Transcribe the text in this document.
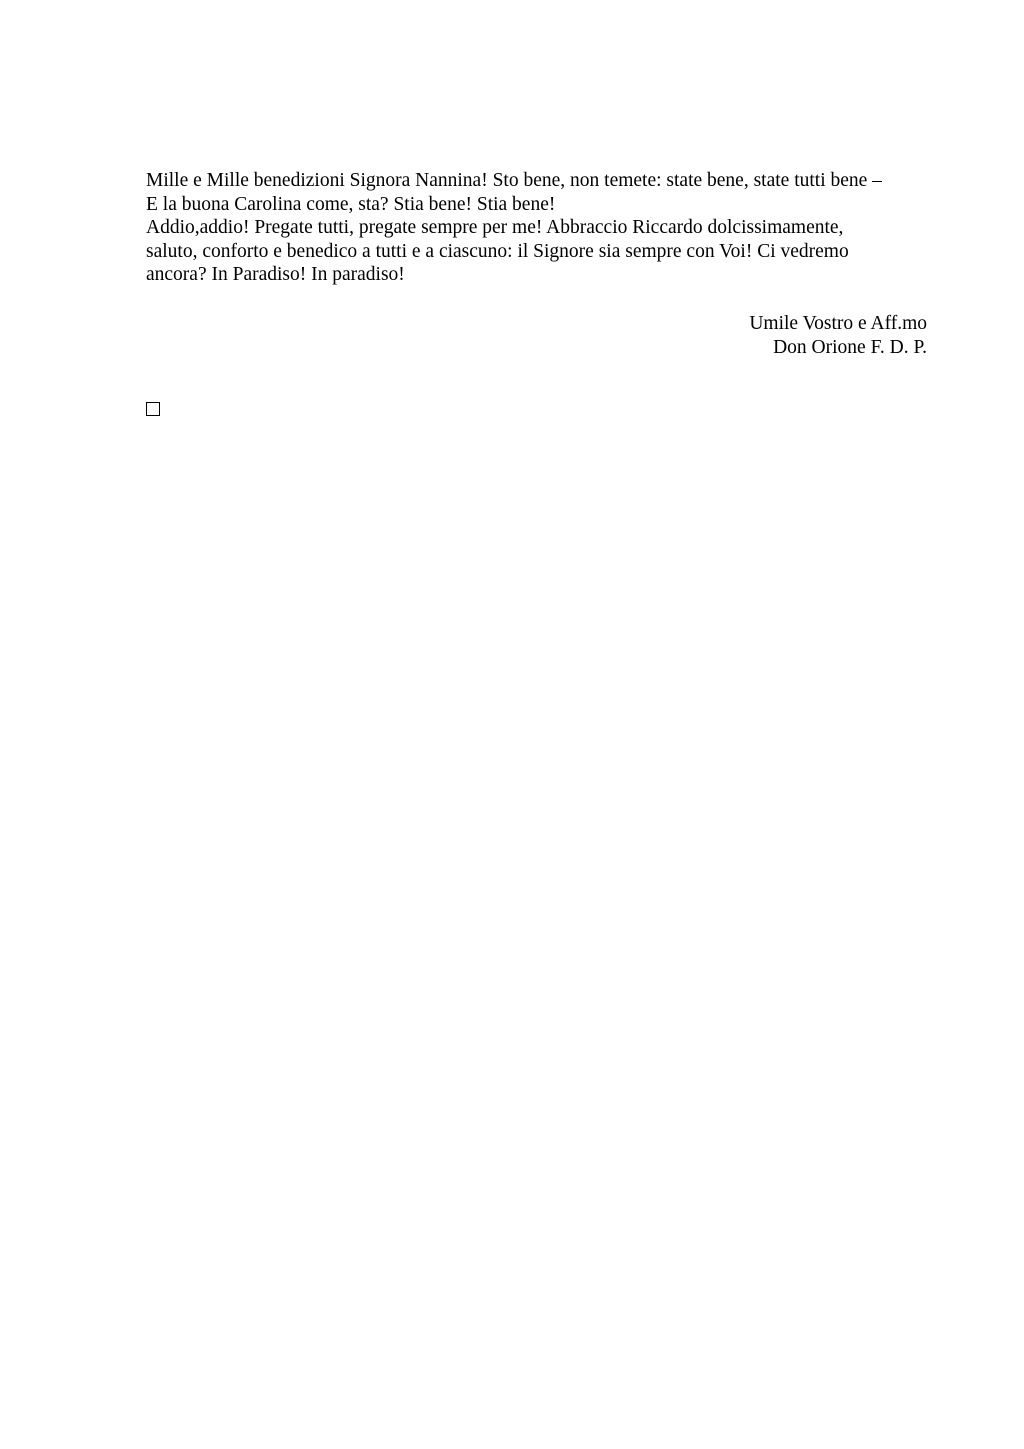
Mille e Mille benedizioni Signora Nannina! Sto bene, non temete: state bene, state tutti bene –
E la buona Carolina come, sta? Stia bene! Stia bene!
Addio,addio! Pregate tutti, pregate sempre per me! Abbraccio Riccardo dolcissimamente,
saluto, conforto e benedico a tutti e a ciascuno: il Signore sia sempre con Voi! Ci vedremo
ancora? In Paradiso! In paradiso!
Umile Vostro e Aff.mo
Don Orione F. D. P.
